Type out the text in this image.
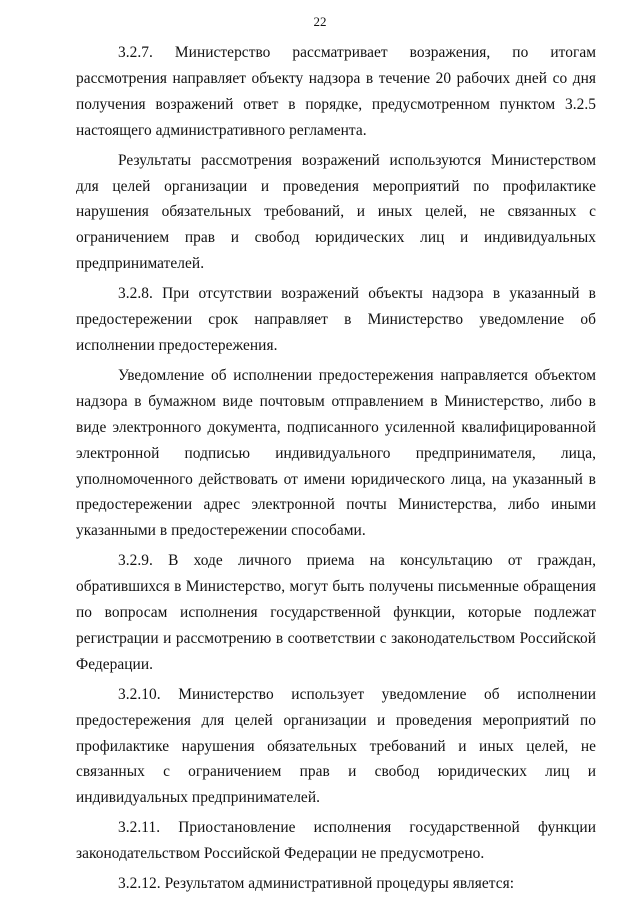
22

3.2.7. Министерство рассматривает возражения, по итогам рассмотрения направляет объекту надзора в течение 20 рабочих дней со дня получения возражений ответ в порядке, предусмотренном пунктом 3.2.5 настоящего административного регламента.

Результаты рассмотрения возражений используются Министерством для целей организации и проведения мероприятий по профилактике нарушения обязательных требований, и иных целей, не связанных с ограничением прав и свобод юридических лиц и индивидуальных предпринимателей.

3.2.8. При отсутствии возражений объекты надзора в указанный в предостережении срок направляет в Министерство уведомление об исполнении предостережения.

Уведомление об исполнении предостережения направляется объектом надзора в бумажном виде почтовым отправлением в Министерство, либо в виде электронного документа, подписанного усиленной квалифицированной электронной подписью индивидуального предпринимателя, лица, уполномоченного действовать от имени юридического лица, на указанный в предостережении адрес электронной почты Министерства, либо иными указанными в предостережении способами.

3.2.9. В ходе личного приема на консультацию от граждан, обратившихся в Министерство, могут быть получены письменные обращения по вопросам исполнения государственной функции, которые подлежат регистрации и рассмотрению в соответствии с законодательством Российской Федерации.

3.2.10. Министерство использует уведомление об исполнении предостережения для целей организации и проведения мероприятий по профилактике нарушения обязательных требований и иных целей, не связанных с ограничением прав и свобод юридических лиц и индивидуальных предпринимателей.

3.2.11. Приостановление исполнения государственной функции законодательством Российской Федерации не предусмотрено.

3.2.12. Результатом административной процедуры является:
